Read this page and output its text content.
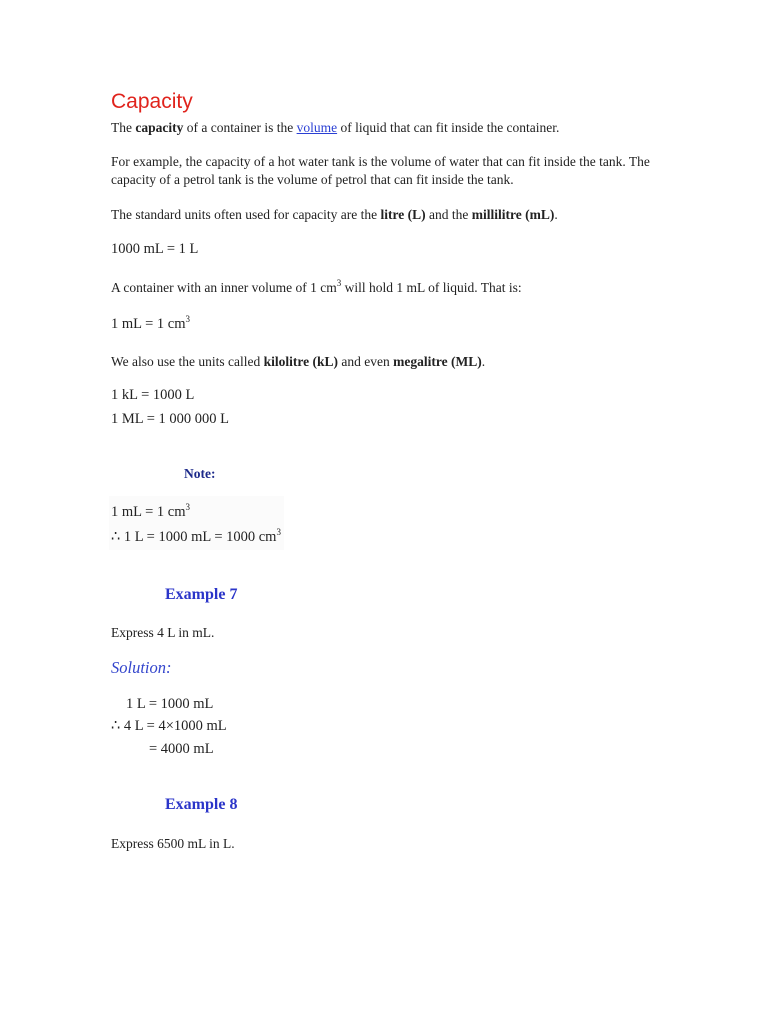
Capacity
The capacity of a container is the volume of liquid that can fit inside the container.
For example, the capacity of a hot water tank is the volume of water that can fit inside the tank. The capacity of a petrol tank is the volume of petrol that can fit inside the tank.
The standard units often used for capacity are the litre (L) and the millilitre (mL).
1000 mL = 1 L
A container with an inner volume of 1 $cm^3$ will hold 1 mL of liquid. That is:
1 mL = 1 $cm^3$
We also use the units called kilolitre (kL) and even megalitre (ML).
1 kL = 1000 L
1 ML = 1 000 000 L
Note:
1 mL = 1 $cm^3$
∴ 1 L = 1000 mL = 1000 $cm^3$
Example 7
Express 4 L in mL.
Solution:
1 L = 1000 mL
∴ 4 L = 4×1000 mL
= 4000 mL
Example 8
Express 6500 mL in L.
